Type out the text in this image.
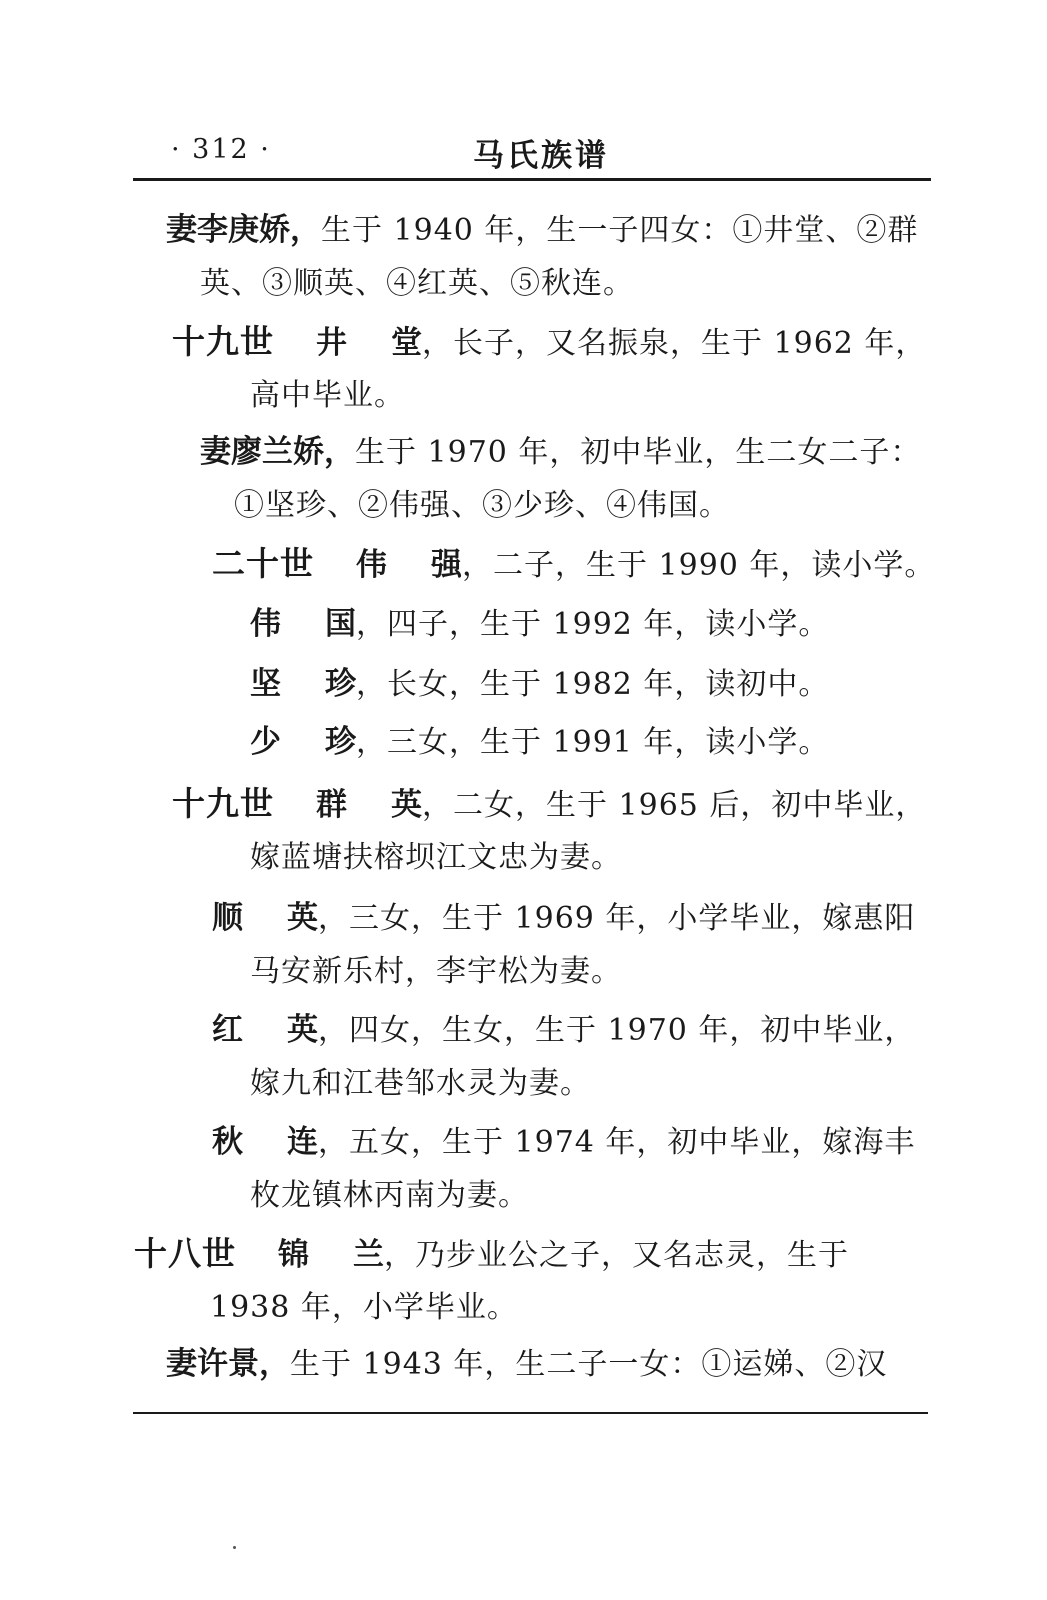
· 312 ·	马氏族谱
妻李庚娇，生于 1940 年，生一子四女：①井堂、②群
英、③顺英、④红英、⑤秋连。
十九世 井堂，长子，又名振泉，生于 1962 年，
高中毕业。
妻廖兰娇，生于 1970 年，初中毕业，生二女二子：
①坚珍、②伟强、③少珍、④伟国。
二十世 伟强，二子，生于 1990 年，读小学。
伟国，四子，生于 1992 年，读小学。
坚珍，长女，生于 1982 年，读初中。
少珍，三女，生于 1991 年，读小学。
十九世 群英，二女，生于 1965 后，初中毕业，
嫁蓝塘扶榕坝江文忠为妻。
顺英，三女，生于 1969 年，小学毕业，嫁惠阳
马安新乐村，李宇松为妻。
红英，四女，生女，生于 1970 年，初中毕业，
嫁九和江巷邹水灵为妻。
秋连，五女，生于 1974 年，初中毕业，嫁海丰
枚龙镇林丙南为妻。
十八世 锦兰，乃步业公之子，又名志灵，生于
1938 年，小学毕业。
妻许景，生于 1943 年，生二子一女：①运娣、②汉
